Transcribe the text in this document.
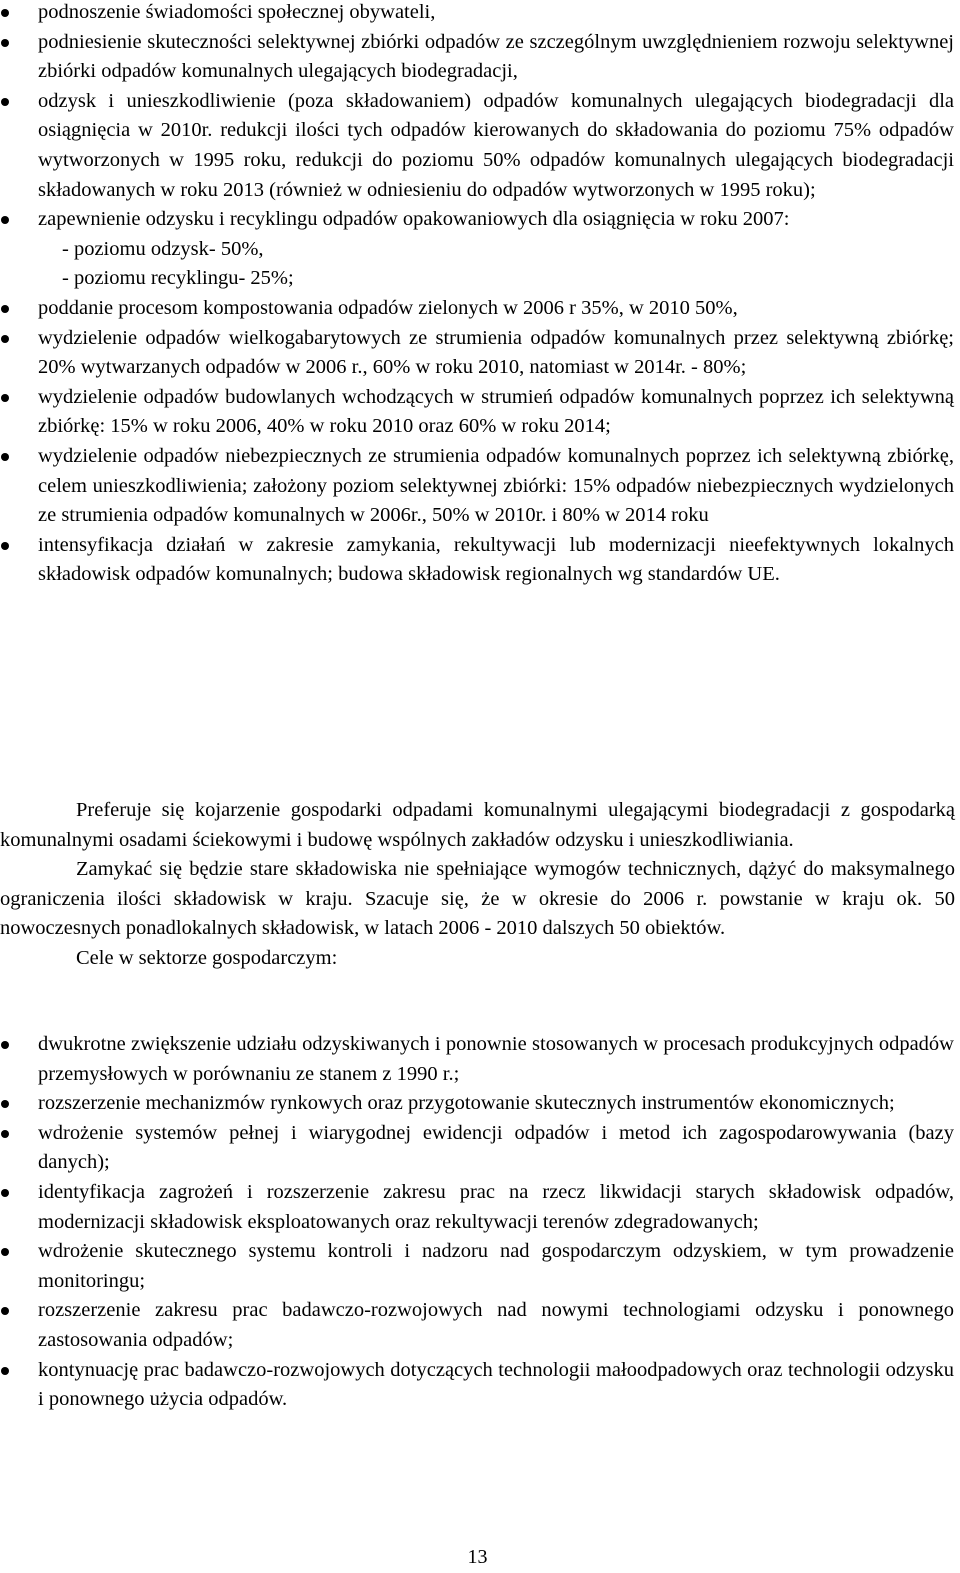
podnoszenie świadomości społecznej obywateli,
podniesienie skuteczności selektywnej zbiórki odpadów ze szczególnym uwzględnieniem rozwoju selektywnej zbiórki odpadów komunalnych ulegających biodegradacji,
odzysk i unieszkodliwienie (poza składowaniem) odpadów komunalnych ulegających biodegradacji dla osiągnięcia w 2010r. redukcji ilości tych odpadów kierowanych do składowania do poziomu 75% odpadów wytworzonych w 1995 roku, redukcji do poziomu 50% odpadów komunalnych ulegających biodegradacji składowanych w roku 2013 (również w odniesieniu do odpadów wytworzonych w 1995 roku);
zapewnienie odzysku i recyklingu odpadów opakowaniowych dla osiągnięcia w roku 2007:
- poziomu odzysk- 50%,
- poziomu recyklingu- 25%;
poddanie procesom kompostowania odpadów zielonych w 2006 r 35%, w 2010 50%,
wydzielenie odpadów wielkogabarytowych ze strumienia odpadów komunalnych przez selektywną zbiórkę; 20% wytwarzanych odpadów w 2006 r., 60% w roku 2010, natomiast w 2014r. - 80%;
wydzielenie odpadów budowlanych wchodzących w strumień odpadów komunalnych poprzez ich selektywną zbiórkę: 15% w roku 2006, 40% w roku 2010 oraz 60% w roku 2014;
wydzielenie odpadów niebezpiecznych ze strumienia odpadów komunalnych poprzez ich selektywną zbiórkę, celem unieszkodliwienia; założony poziom selektywnej zbiórki: 15% odpadów niebezpiecznych wydzielonych ze strumienia odpadów komunalnych w 2006r., 50% w 2010r. i 80% w 2014 roku
intensyfikacja działań w zakresie zamykania, rekultywacji lub modernizacji nieefektywnych lokalnych składowisk odpadów komunalnych; budowa składowisk regionalnych wg standardów UE.

Preferuje się kojarzenie gospodarki odpadami komunalnymi ulegającymi biodegradacji z gospodarką komunalnymi osadami ściekowymi i budowę wspólnych zakładów odzysku i unieszkodliwiania.

Zamykać się będzie stare składowiska nie spełniające wymogów technicznych, dążyć do maksymalnego ograniczenia ilości składowisk w kraju. Szacuje się, że w okresie do 2006 r. powstanie w kraju ok. 50 nowoczesnych ponadlokalnych składowisk, w latach 2006 - 2010 dalszych 50 obiektów.

Cele w sektorze gospodarczym:

dwukrotne zwiększenie udziału odzyskiwanych i ponownie stosowanych w procesach produkcyjnych odpadów przemysłowych w porównaniu ze stanem z 1990 r.;
rozszerzenie mechanizmów rynkowych oraz przygotowanie skutecznych instrumentów ekonomicznych;
wdrożenie systemów pełnej i wiarygodnej ewidencji odpadów i metod ich zagospodarowywania (bazy danych);
identyfikacja zagrożeń i rozszerzenie zakresu prac na rzecz likwidacji starych składowisk odpadów, modernizacji składowisk eksploatowanych oraz rekultywacji terenów zdegradowanych;
wdrożenie skutecznego systemu kontroli i nadzoru nad gospodarczym odzyskiem, w tym prowadzenie monitoringu;
rozszerzenie zakresu prac badawczo-rozwojowych nad nowymi technologiami odzysku i ponownego zastosowania odpadów;
kontynuację prac badawczo-rozwojowych dotyczących technologii małoodpadowych oraz technologii odzysku i ponownego użycia odpadów.
13
